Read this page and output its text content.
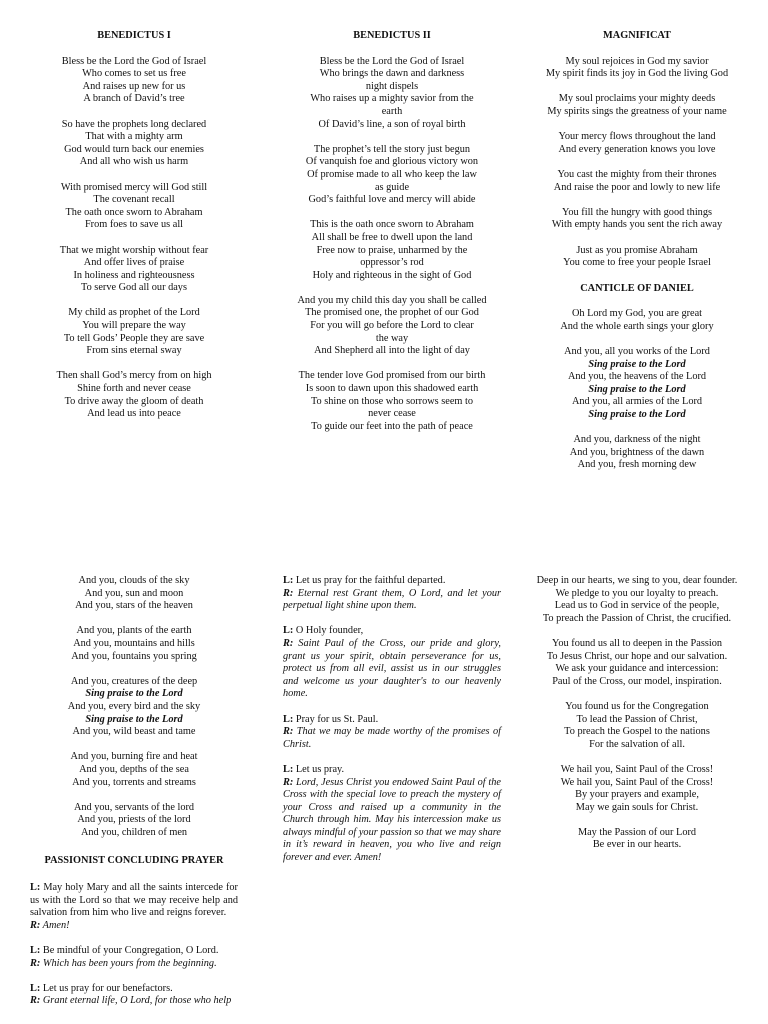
BENEDICTUS I
Bless be the Lord the God of Israel
Who comes to set us free
And raises up new for us
A branch of David’s tree
So have the prophets long declared
That with a mighty arm
God would turn back our enemies
And all who wish us harm
With promised mercy will God still
The covenant recall
The oath once sworn to Abraham
From foes to save us all
That we might worship without fear
And offer lives of praise
In holiness and righteousness
To serve God all our days
My child as prophet of the Lord
You will prepare the way
To tell Gods’ People they are save
From sins eternal sway
Then shall God’s mercy from on high
Shine forth and never cease
To drive away the gloom of death
And lead us into peace
BENEDICTUS II
Bless be the Lord the God of Israel
Who brings the dawn and darkness
night dispels
Who raises up a mighty savior from the
earth
Of David’s line, a son of royal birth
The prophet’s tell the story just begun
Of vanquish foe and glorious victory won
Of promise made to all who keep the law
as guide
God’s faithful love and mercy will abide
This is the oath once sworn to Abraham
All shall be free to dwell upon the land
Free now to praise, unharmed by the
oppressor’s rod
Holy and righteous in the sight of God
And you my child this day you shall be called
The promised one, the prophet of our God
For you will go before the Lord to clear
the way
And Shepherd all into the light of day
The tender love God promised from our birth
Is soon to dawn upon this shadowed earth
To shine on those who sorrows seem to
never cease
To guide our feet into the path of peace
MAGNIFICAT
My soul rejoices in God my savior
My spirit finds its joy in God the living God
My soul proclaims your mighty deeds
My spirits sings the greatness of your name
Your mercy flows throughout the land
And every generation knows you love
You cast the mighty from their thrones
And raise the poor and lowly to new life
You fill the hungry with good things
With empty hands you sent the rich away
Just as you promise Abraham
You come to free your people Israel
CANTICLE OF DANIEL
Oh Lord my God, you are great
And the whole earth sings your glory
And you, all you works of the Lord
Sing praise to the Lord
And you, the heavens of the Lord
Sing praise to the Lord
And you, all armies of the Lord
Sing praise to the Lord
And you, darkness of the night
And you, brightness of the dawn
And you, fresh morning dew
And you, clouds of the sky
And you, sun and moon
And you, stars of the heaven
And you, plants of the earth
And you, mountains and hills
And you, fountains you spring
And you, creatures of the deep
Sing praise to the Lord
And you, every bird and the sky
Sing praise to the Lord
And you, wild beast and tame
And you, burning fire and heat
And you, depths of the sea
And you, torrents and streams
And you, servants of the lord
And you, priests of the lord
And you, children of men
PASSIONIST CONCLUDING PRAYER
L: May holy Mary and all the saints intercede for us with the Lord so that we may receive help and salvation from him who live and reigns forever.
R: Amen!
L: Be mindful of your Congregation, O Lord.
R: Which has been yours from the beginning.
L: Let us pray for our benefactors.
R: Grant eternal life, O Lord, for those who help
L: Let us pray for the faithful departed.
R: Eternal rest Grant them, O Lord, and let your perpetual light shine upon them.
L: O Holy founder,
R: Saint Paul of the Cross, our pride and glory, grant us your spirit, obtain perseverance for us, protect us from all evil, assist us in our struggles and welcome us your daughter's to our heavenly home.
L: Pray for us St. Paul.
R: That we may be made worthy of the promises of Christ.
L: Let us pray.
R: Lord, Jesus Christ you endowed Saint Paul of the Cross with the special love to preach the mystery of your Cross and raised up a community in the Church through him. May his intercession make us always mindful of your passion so that we may share in it’s reward in heaven, you who live and reign forever and ever. Amen!
Deep in our hearts, we sing to you, dear founder.
We pledge to you our loyalty to preach.
Lead us to God in service of the people,
To preach the Passion of Christ, the crucified.
You found us all to deepen in the Passion
To Jesus Christ, our hope and our salvation.
We ask your guidance and intercession:
Paul of the Cross, our model, inspiration.
You found us for the Congregation
To lead the Passion of Christ,
To preach the Gospel to the nations
For the salvation of all.
We hail you, Saint Paul of the Cross!
We hail you, Saint Paul of the Cross!
By your prayers and example,
May we gain souls for Christ.
May the Passion of our Lord
Be ever in our hearts.
